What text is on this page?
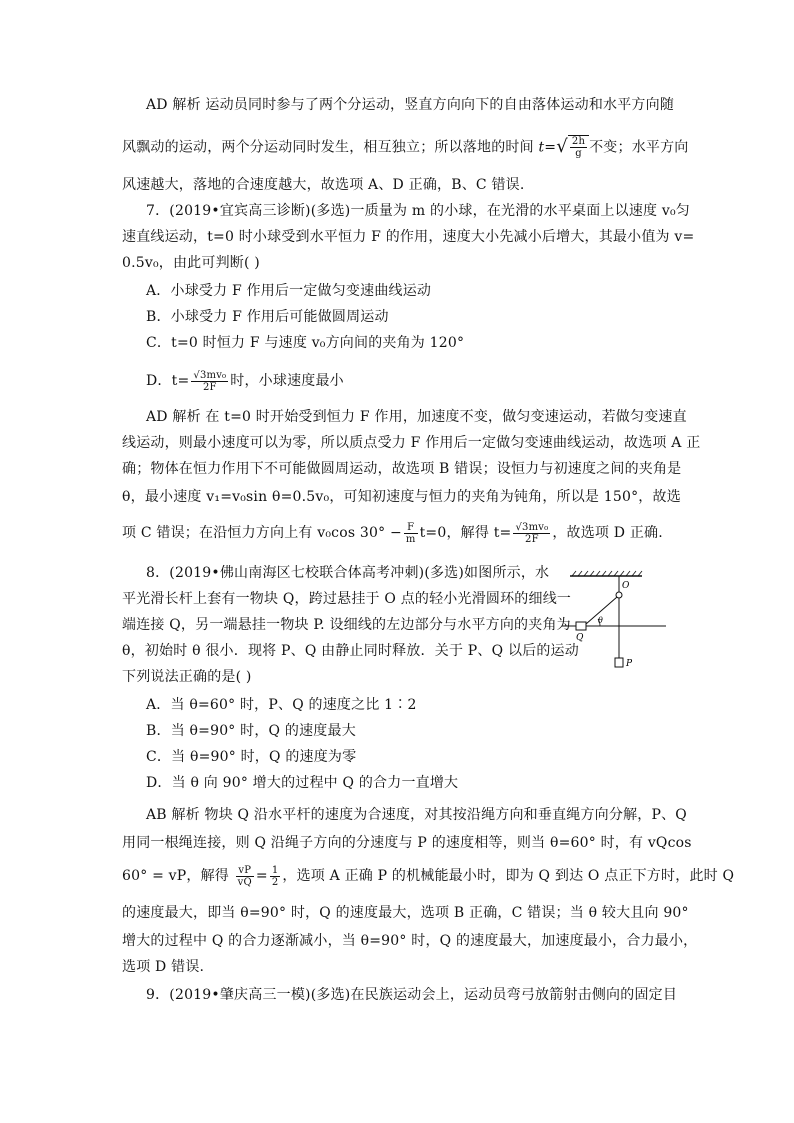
AD 解析 运动员同时参与了两个分运动，竖直方向向下的自由落体运动和水平方向随
风飘动的运动，两个分运动同时发生，相互独立；所以落地的时间 $t=√ \frac{2h}{g}$ 不变；水平方向
风速越大，落地的合速度越大，故选项 A、D 正确，B、C 错误.
7．(2019•宜宾高三诊断)(多选)一质量为 m 的小球，在光滑的水平桌面上以速度 v₀匀
速直线运动，t=0 时小球受到水平恒力 F 的作用，速度大小先减小后增大，其最小值为 v=
0.5v₀，由此可判断( )
A．小球受力 F 作用后一定做匀变速曲线运动
B．小球受力 F 作用后可能做圆周运动
C．t=0 时恒力 F 与速度 v₀方向间的夹角为 120°
D．$t= \frac{\text{√3mv₀}}{2F}$ 时，小球速度最小
AD 解析 在 t=0 时开始受到恒力 F 作用，加速度不变，做匀变速运动，若做匀变速直
线运动，则最小速度可以为零，所以质点受力 F 作用后一定做匀变速曲线运动，故选项 A 正
确；物体在恒力作用下不可能做圆周运动，故选项 B 错误；设恒力与初速度之间的夹角是
θ，最小速度 v₁=v₀sin θ=0.5v₀，可知初速度与恒力的夹角为钝角，所以是 150°，故选
项 C 错误；在沿恒力方向上有 v₀cos $30^\circ - \frac{F}{m} t=0$，解得 $t= \frac{\text{√3mv₀}}{2F}$ ，故选项 D 正确.
8．(2019•佛山南海区七校联合体高考冲刺)(多选)如图所示，水
平光滑长杆上套有一物块 Q，跨过悬挂于 O 点的轻小光滑圆环的细线一
端连接 Q，另一端悬挂一物块 P. 设细线的左边部分与水平方向的夹角为
θ，初始时 θ 很小．现将 P、Q 由静止同时释放．关于 P、Q 以后的运动
下列说法正确的是( )
O
Q
P
θ
A．当 θ=60° 时，P、Q 的速度之比 1∶2
B．当 θ=90° 时，Q 的速度最大
C．当 θ=90° 时，Q 的速度为零
D．当 θ 向 90° 增大的过程中 Q 的合力一直增大
AB 解析 物块 Q 沿水平杆的速度为合速度，对其按沿绳方向和垂直绳方向分解，P、Q
用同一根绳连接，则 Q 沿绳子方向的分速度与 P 的速度相等，则当 θ=60° 时，有 vQcos
60° = vP，解得 $\frac{vP}{vQ} = \frac{1}{2}$ ，选项 A 正确 P 的机械能最小时，即为 Q 到达 O 点正下方时，此时 Q
的速度最大，即当 θ=90° 时，Q 的速度最大，选项 B 正确，C 错误；当 θ 较大且向 90°
增大的过程中 Q 的合力逐渐减小，当 θ=90° 时，Q 的速度最大，加速度最小，合力最小，
选项 D 错误.
9．(2019•肇庆高三一模)(多选)在民族运动会上，运动员弯弓放箭射击侧向的固定目
